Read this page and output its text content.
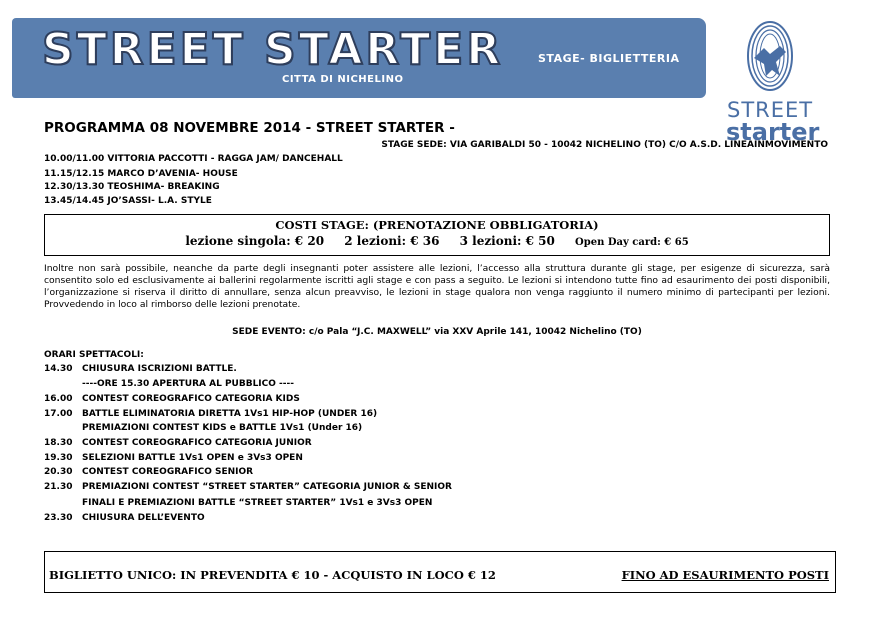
STREET STARTER
CITTA DI NICHELINO
STAGE- BIGLIETTERIA
STREET
starter
PROGRAMMA 08 NOVEMBRE 2014 - STREET STARTER -
STAGE SEDE: VIA GARIBALDI 50 - 10042 NICHELINO (TO) C/O A.S.D. LINEAINMOVIMENTO
10.00/11.00 VITTORIA PACCOTTI - RAGGA JAM/ DANCEHALL
11.15/12.15 MARCO D’AVENIA- HOUSE
12.30/13.30 TEOSHIMA- BREAKING
13.45/14.45 JO’SASSI- L.A. STYLE
COSTI STAGE: (PRENOTAZIONE OBBLIGATORIA)
lezione singola: € 20 2 lezioni: € 36 3 lezioni: € 50 Open Day card: € 65
Inoltre non sarà possibile, neanche da parte degli insegnanti poter assistere alle lezioni, l’accesso alla struttura durante gli stage, per esigenze di sicurezza, sarà consentito solo ed esclusivamente ai ballerini regolarmente iscritti agli stage e con pass a seguito. Le lezioni si intendono tutte fino ad esaurimento dei posti disponibili, l’organizzazione si riserva il diritto di annullare, senza alcun preavviso, le lezioni in stage qualora non venga raggiunto il numero minimo di partecipanti per lezioni. Provvedendo in loco al rimborso delle lezioni prenotate.
SEDE EVENTO: c/o Pala “J.C. MAXWELL” via XXV Aprile 141, 10042 Nichelino (TO)
ORARI SPETTACOLI:
14.30 CHIUSURA ISCRIZIONI BATTLE.
----ORE 15.30 APERTURA AL PUBBLICO ----
16.00 CONTEST COREOGRAFICO CATEGORIA KIDS
17.00 BATTLE ELIMINATORIA DIRETTA 1Vs1 HIP-HOP (UNDER 16)
PREMIAZIONI CONTEST KIDS e BATTLE 1Vs1 (Under 16)
18.30 CONTEST COREOGRAFICO CATEGORIA JUNIOR
19.30 SELEZIONI BATTLE 1Vs1 OPEN e 3Vs3 OPEN
20.30 CONTEST COREOGRAFICO SENIOR
21.30 PREMIAZIONI CONTEST “STREET STARTER” CATEGORIA JUNIOR & SENIOR
FINALI E PREMIAZIONI BATTLE “STREET STARTER” 1Vs1 e 3Vs3 OPEN
23.30 CHIUSURA DELL’EVENTO
BIGLIETTO UNICO: IN PREVENDITA € 10 - ACQUISTO IN LOCO € 12	FINO AD ESAURIMENTO POSTI
